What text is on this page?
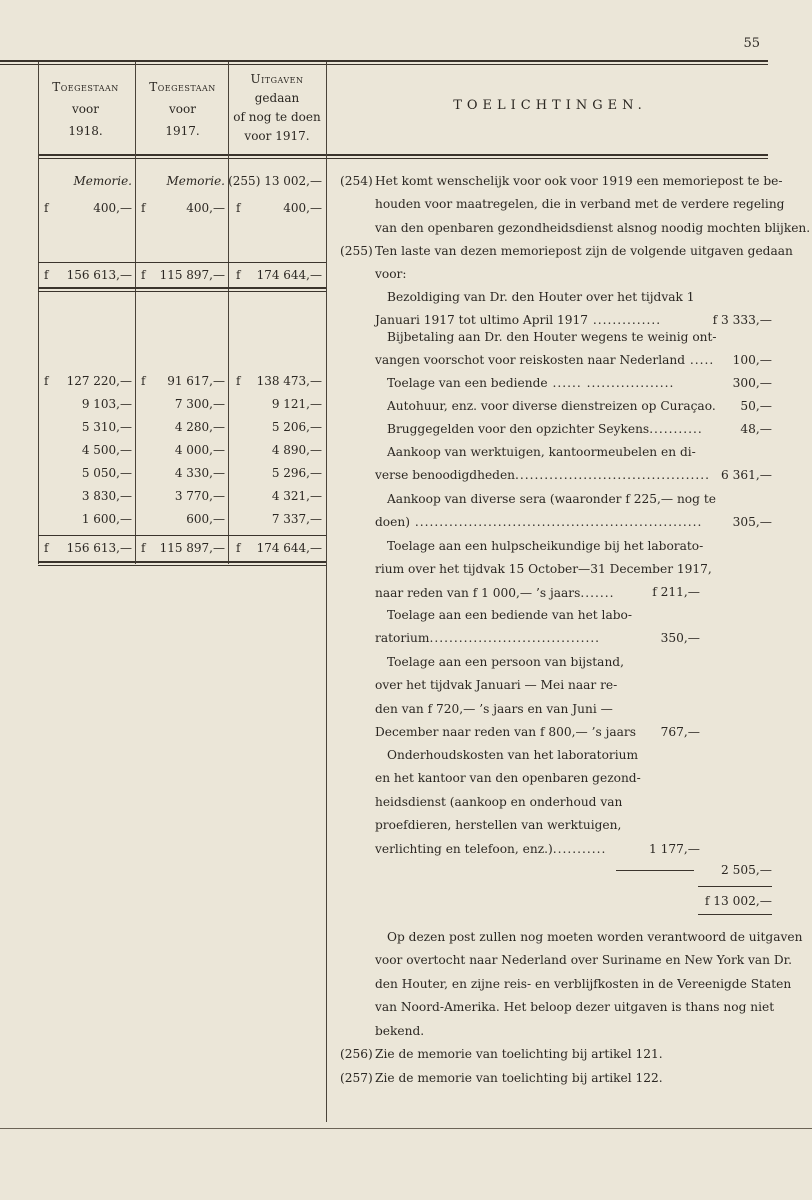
55
Toegestaan
voor
1918.
Toegestaan
voor
1917.
Uitgaven
gedaan
of nog te doen
voor 1917.
TOELICHTINGEN.
Memorie.	Memorie. (255) 13 002,—
f	400,— f	400,— f	400,—
f 156 613,— f 115 897,— f 174 644,—
f 127 220,— f 91 617,— f 138 473,—
9 103,—	7 300,—	9 121,—
5 310,—	4 280,—	5 206,—
4 500,—	4 000,—	4 890,—
5 050,—	4 330,—	5 296,—
3 830,—	3 770,—	4 321,—
1 600,—	600,—	7 337,—
f 156 613,— f 115 897,— f 174 644,—
(254) Het komt wenschelijk voor ook voor 1919 een memoriepost te be-
houden voor maatregelen, die in verband met de verdere regeling
van den openbaren gezondheidsdienst alsnog noodig mochten blijken.
(255) Ten laste van dezen memoriepost zijn de volgende uitgaven gedaan
voor:
Bezoldiging van Dr. den Houter over het tijdvak 1
Januari 1917 tot ultimo April 1917 ..............	f 3 333,—
Bijbetaling aan Dr. den Houter wegens te weinig ont-
vangen voorschot voor reiskosten naar Nederland .....	100,—
Toelage van een bediende ...... ..................	300,—
Autohuur, enz. voor diverse dienstreizen op Curaçao.	50,—
Bruggegelden voor den opzichter Seykens...........	48,—
Aankoop van werktuigen, kantoormeubelen en di-
verse benoodigdheden........................................ 6 361,—
Aankoop van diverse sera (waaronder f 225,— nog te
doen) ...........................................................	305,—
Toelage aan een hulpscheikundige bij het laborato-
rium over het tijdvak 15 October—31 December 1917,
naar reden van f 1 000,— ’s jaars.......	f 211,—
Toelage aan een bediende van het labo-
ratorium...................................	350,—
Toelage aan een persoon van bijstand,
over het tijdvak Januari — Mei naar re-
den van f 720,— ’s jaars en van Juni —
December naar reden van f 800,— ’s jaars	767,—
Onderhoudskosten van het laboratorium
en het kantoor van den openbaren gezond-
heidsdienst (aankoop en onderhoud van
proefdieren, herstellen van werktuigen,
verlichting en telefoon, enz.)...........	1 177,—
2 505,—
f 13 002,—
Op dezen post zullen nog moeten worden verantwoord de uitgaven
voor overtocht naar Nederland over Suriname en New York van Dr.
den Houter, en zijne reis- en verblijfkosten in de Vereenigde Staten
van Noord-Amerika. Het beloop dezer uitgaven is thans nog niet
bekend.
(256) Zie de memorie van toelichting bij artikel 121.
(257) Zie de memorie van toelichting bij artikel 122.
